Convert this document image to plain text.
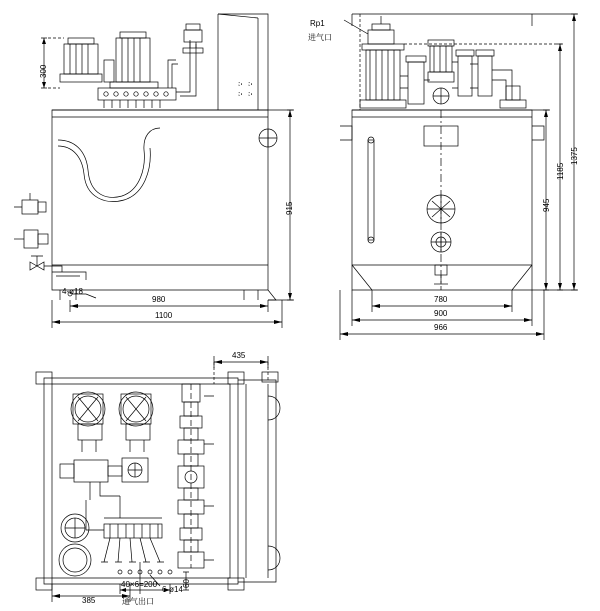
300
915
4-ø18
980
1100
Rp1
进气口
945
1185
1375
780
900
966
435
385
40×6=200
6-ø14
60
通气出口
